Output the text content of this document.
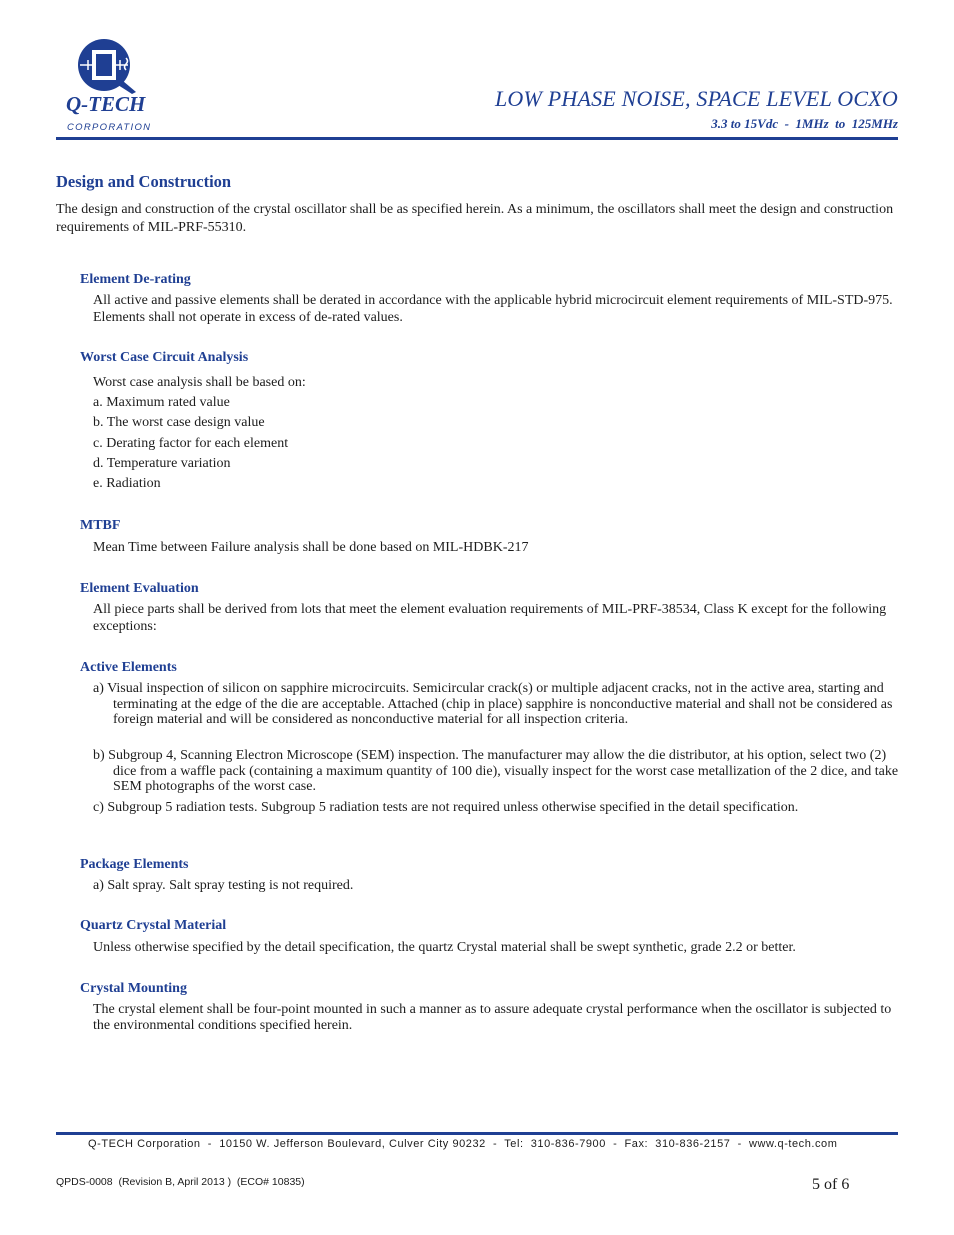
Q-TECH
CORPORATION
LOW PHASE NOISE, SPACE LEVEL OCXO
3.3 to 15Vdc  -  1MHz  to  125MHz
Design and Construction
The design and construction of the crystal oscillator shall be as specified herein. As a minimum, the oscillators shall meet the design and construction requirements of MIL-PRF-55310.
Element De-rating
All active and passive elements shall be derated in accordance with the applicable hybrid microcircuit element requirements of MIL-STD-975. Elements shall not operate in excess of de-rated values.
Worst Case Circuit Analysis
Worst case analysis shall be based on:
a. Maximum rated value
b. The worst case design value
c. Derating factor for each element
d. Temperature variation
e. Radiation
MTBF
Mean Time between Failure analysis shall be done based on MIL-HDBK-217
Element Evaluation
All piece parts shall be derived from lots that meet the element evaluation requirements of MIL-PRF-38534, Class K except for the following exceptions:
Active Elements
a) Visual inspection of silicon on sapphire microcircuits. Semicircular crack(s) or multiple adjacent cracks, not in the active area, starting and terminating at the edge of the die are acceptable. Attached (chip in place) sapphire is nonconductive material and shall not be considered as foreign material and will be considered as nonconductive material for all inspection criteria.
b) Subgroup 4, Scanning Electron Microscope (SEM) inspection. The manufacturer may allow the die distributor, at his option, select two (2) dice from a waffle pack (containing a maximum quantity of 100 die), visually inspect for the worst case metallization of the 2 dice, and take SEM photographs of the worst case.
c) Subgroup 5 radiation tests. Subgroup 5 radiation tests are not required unless otherwise specified in the detail specification.
Package Elements
a) Salt spray. Salt spray testing is not required.
Quartz Crystal Material
Unless otherwise specified by the detail specification, the quartz Crystal material shall be swept synthetic, grade 2.2 or better.
Crystal Mounting
The crystal element shall be four-point mounted in such a manner as to assure adequate crystal performance when the oscillator is subjected to the environmental conditions specified herein.
Q-TECH Corporation  -  10150 W. Jefferson Boulevard, Culver City 90232  -  Tel:  310-836-7900  -  Fax:  310-836-2157  -  www.q-tech.com
QPDS-0008  (Revision B, April 2013 )  (ECO# 10835)	5 of 6
